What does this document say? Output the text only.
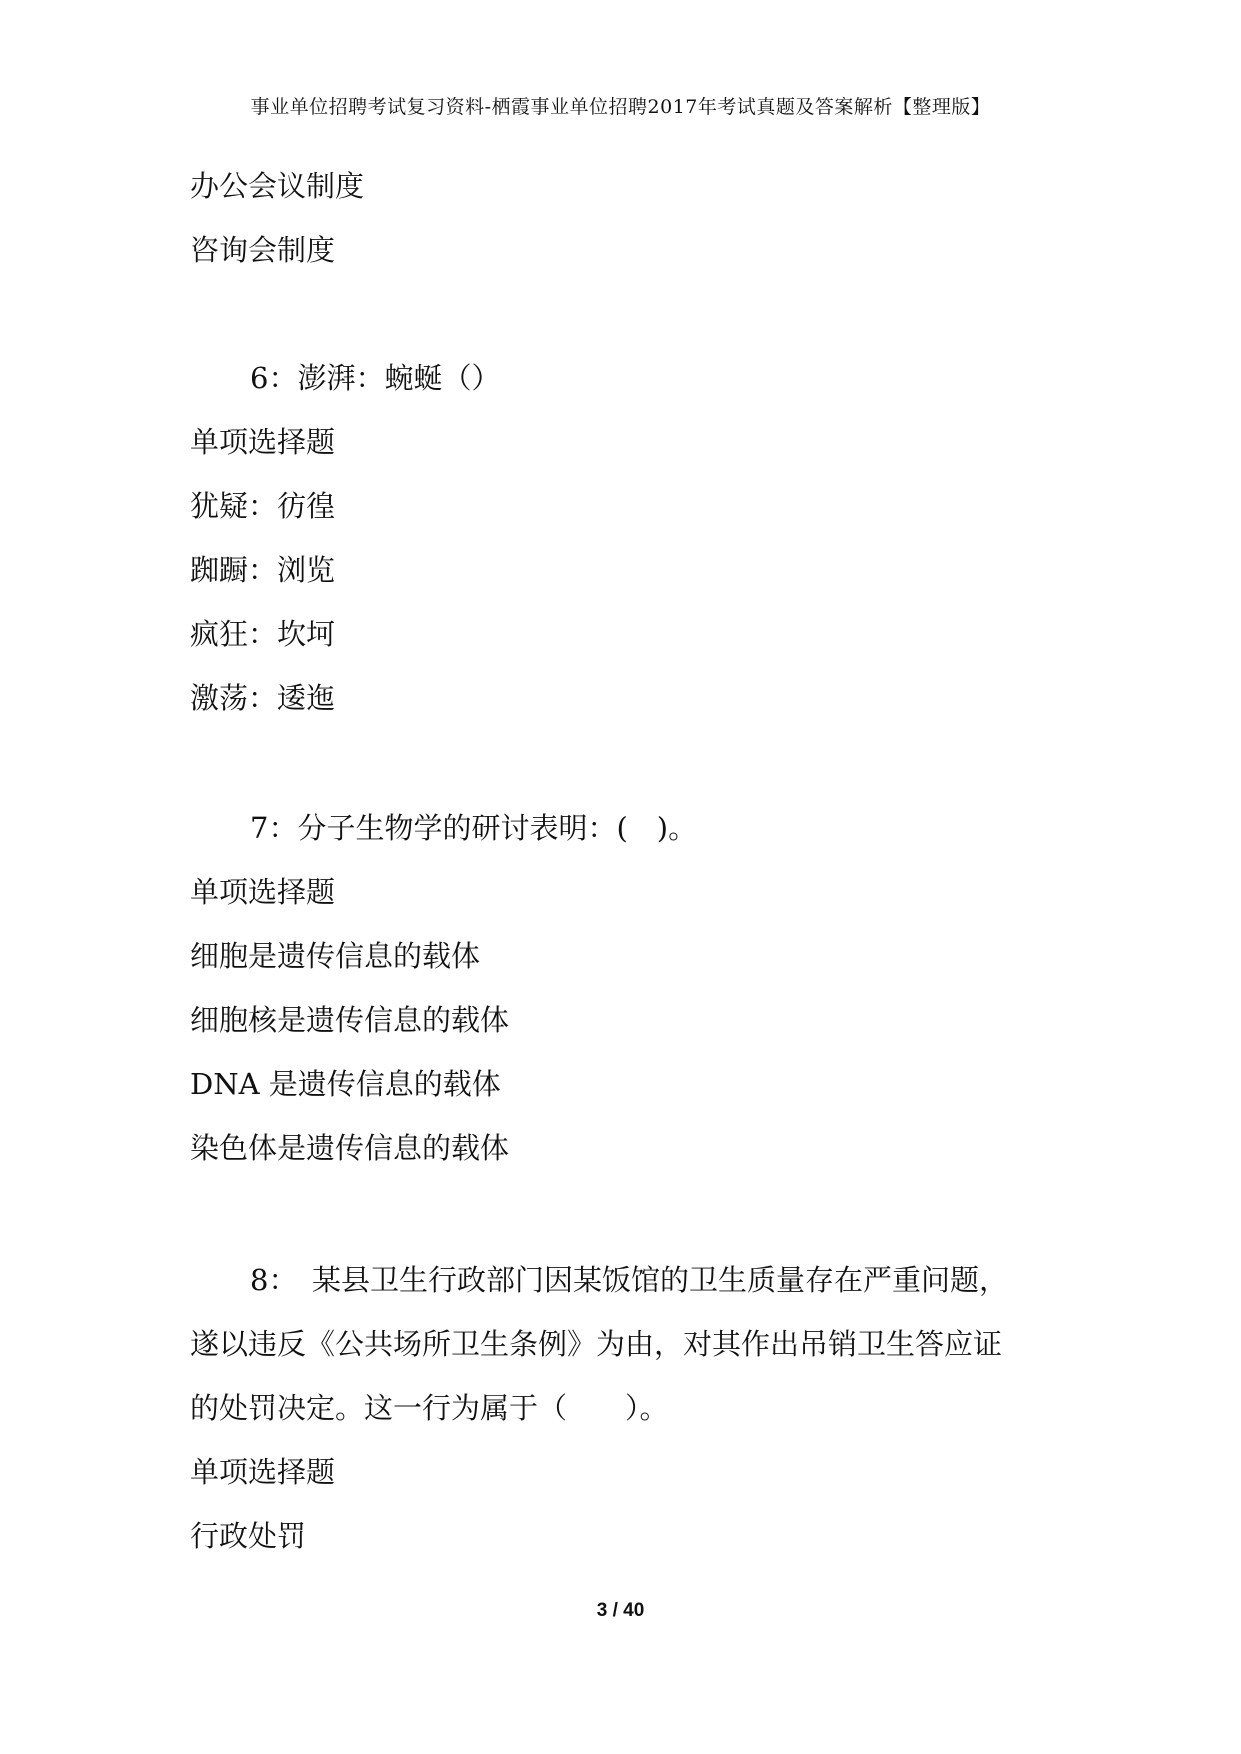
事业单位招聘考试复习资料-栖霞事业单位招聘2017年考试真题及答案解析【整理版】
办公会议制度
咨询会制度
6：澎湃：蜿蜒（）
单项选择题
犹疑：彷徨
踟蹰：浏览
疯狂：坎坷
激荡：逶迤
7：分子生物学的研讨表明：(　)。
单项选择题
细胞是遗传信息的载体
细胞核是遗传信息的载体
DNA 是遗传信息的载体
染色体是遗传信息的载体
8：　某县卫生行政部门因某饭馆的卫生质量存在严重问题，
遂以违反《公共场所卫生条例》为由，对其作出吊销卫生答应证
的处罚决定。这一行为属于（　　）。
单项选择题
行政处罚
3 / 40
